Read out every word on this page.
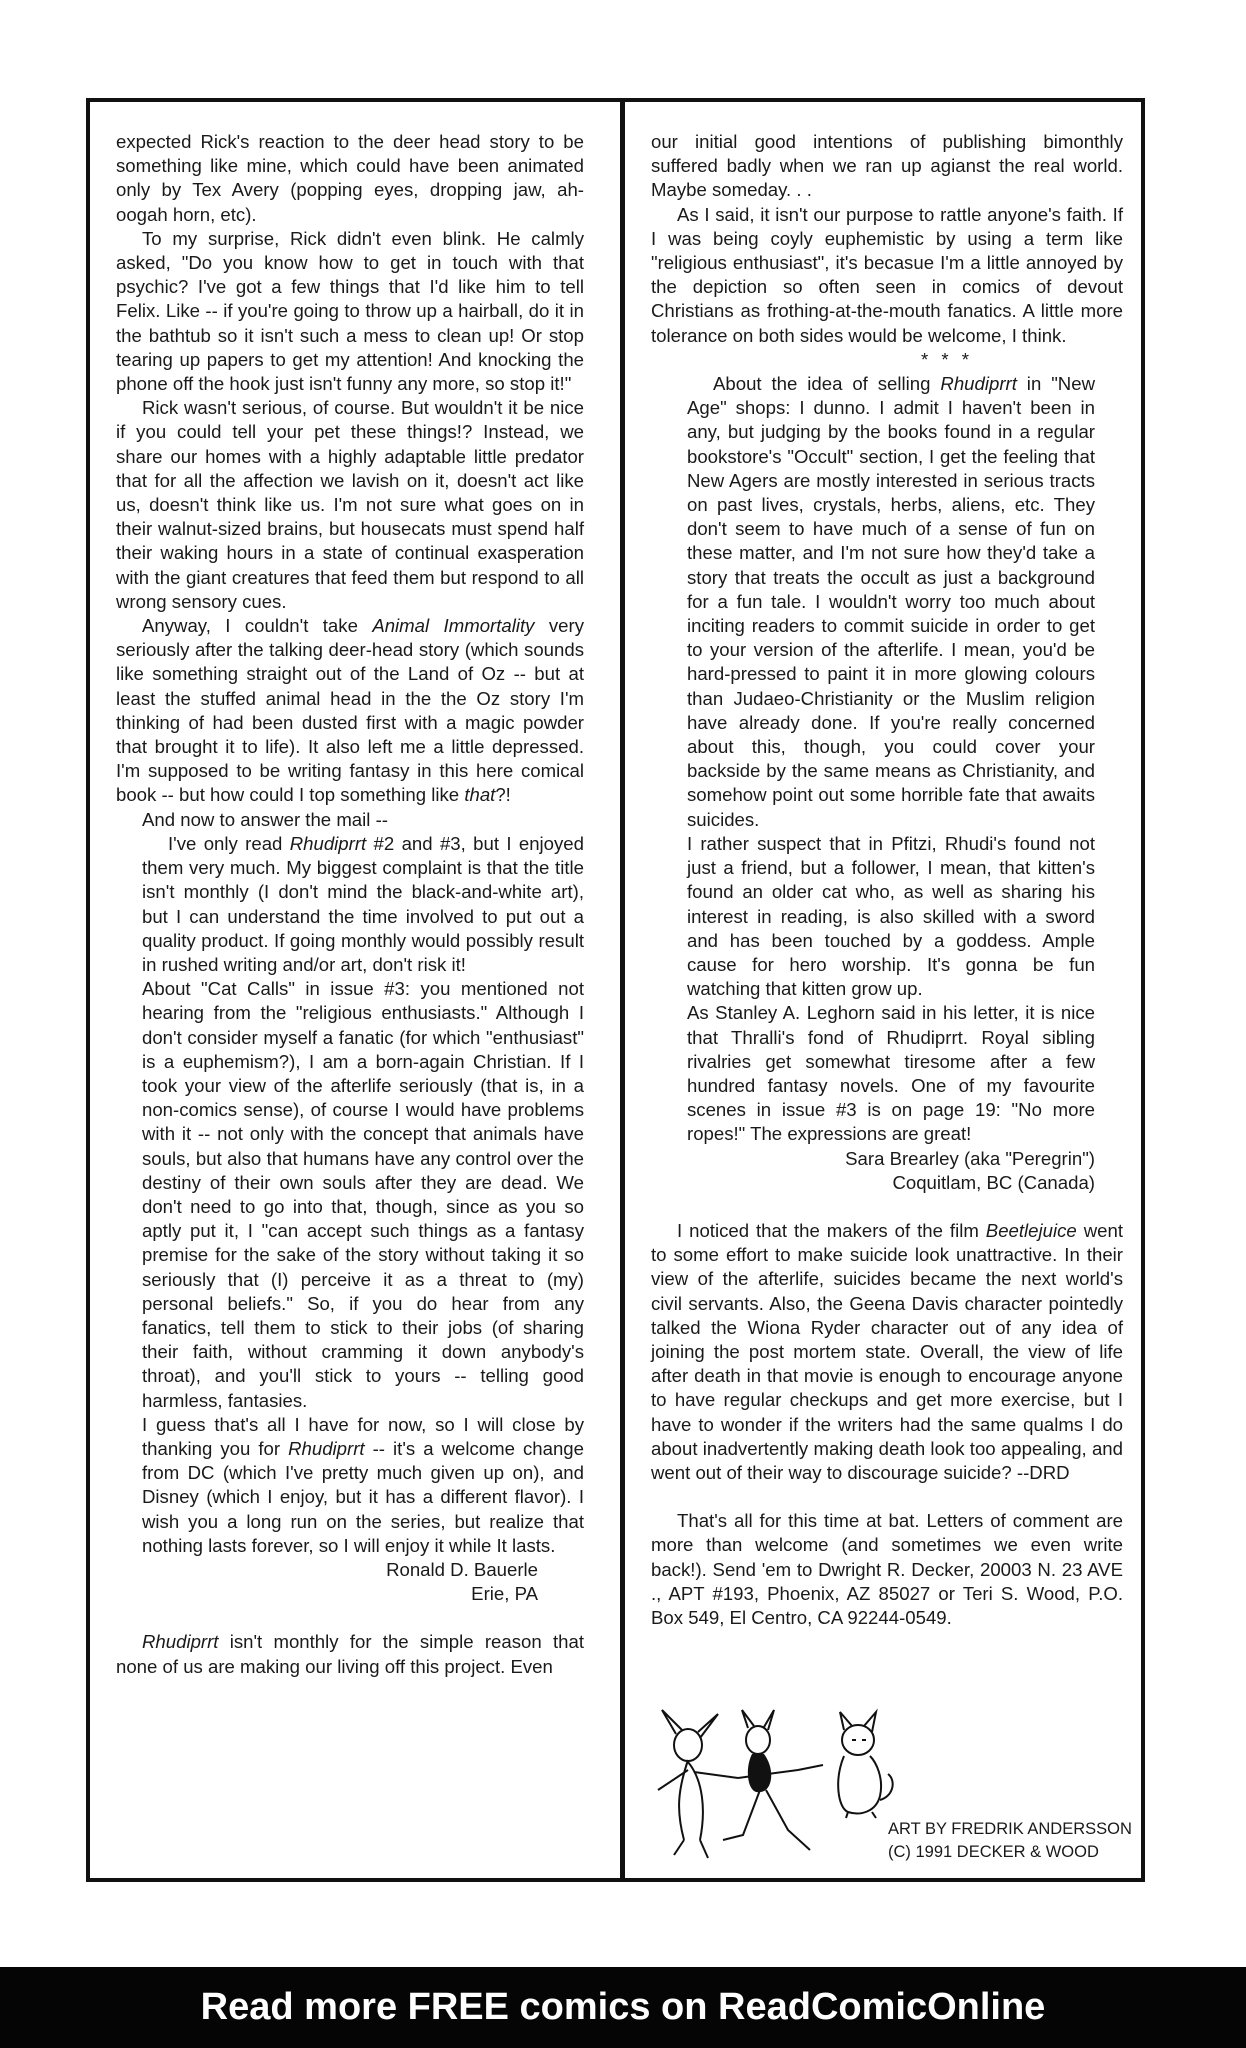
expected Rick's reaction to the deer head story to be something like mine, which could have been animated only by Tex Avery (popping eyes, dropping jaw, ah-oogah horn, etc).

To my surprise, Rick didn't even blink. He calmly asked, "Do you know how to get in touch with that psychic? I've got a few things that I'd like him to tell Felix. Like -- if you're going to throw up a hairball, do it in the bathtub so it isn't such a mess to clean up! Or stop tearing up papers to get my attention! And knocking the phone off the hook just isn't funny any more, so stop it!"

Rick wasn't serious, of course. But wouldn't it be nice if you could tell your pet these things!? Instead, we share our homes with a highly adaptable little predator that for all the affection we lavish on it, doesn't act like us, doesn't think like us. I'm not sure what goes on in their walnut-sized brains, but housecats must spend half their waking hours in a state of continual exasperation with the giant creatures that feed them but respond to all wrong sensory cues.

Anyway, I couldn't take Animal Immortality very seriously after the talking deer-head story (which sounds like something straight out of the Land of Oz -- but at least the stuffed animal head in the the Oz story I'm thinking of had been dusted first with a magic powder that brought it to life). It also left me a little depressed. I'm supposed to be writing fantasy in this here comical book -- but how could I top something like that?!

And now to answer the mail --

I've only read Rhudiprrt #2 and #3, but I enjoyed them very much. My biggest complaint is that the title isn't monthly (I don't mind the black-and-white art), but I can understand the time involved to put out a quality product. If going monthly would possibly result in rushed writing and/or art, don't risk it!

About "Cat Calls" in issue #3: you mentioned not hearing from the "religious enthusiasts." Although I don't consider myself a fanatic (for which "enthusiast" is a euphemism?), I am a born-again Christian. If I took your view of the afterlife seriously (that is, in a non-comics sense), of course I would have problems with it -- not only with the concept that animals have souls, but also that humans have any control over the destiny of their own souls after they are dead. We don't need to go into that, though, since as you so aptly put it, I "can accept such things as a fantasy premise for the sake of the story without taking it so seriously that (I) perceive it as a threat to (my) personal beliefs." So, if you do hear from any fanatics, tell them to stick to their jobs (of sharing their faith, without cramming it down anybody's throat), and you'll stick to yours -- telling good harmless, fantasies.

I guess that's all I have for now, so I will close by thanking you for Rhudiprrt -- it's a welcome change from DC (which I've pretty much given up on), and Disney (which I enjoy, but it has a different flavor). I wish you a long run on the series, but realize that nothing lasts forever, so I will enjoy it while It lasts.

Ronald D. Bauerle

Erie, PA

Rhudiprrt isn't monthly for the simple reason that none of us are making our living off this project. Even

our initial good intentions of publishing bimonthly suffered badly when we ran up agianst the real world. Maybe someday. . .

As I said, it isn't our purpose to rattle anyone's faith. If I was being coyly euphemistic by using a term like "religious enthusiast", it's becasue I'm a little annoyed by the depiction so often seen in comics of devout Christians as frothing-at-the-mouth fanatics. A little more tolerance on both sides would be welcome, I think.

* * *

About the idea of selling Rhudiprrt in "New Age" shops: I dunno. I admit I haven't been in any, but judging by the books found in a regular bookstore's "Occult" section, I get the feeling that New Agers are mostly interested in serious tracts on past lives, crystals, herbs, aliens, etc. They don't seem to have much of a sense of fun on these matter, and I'm not sure how they'd take a story that treats the occult as just a background for a fun tale. I wouldn't worry too much about inciting readers to commit suicide in order to get to your version of the afterlife. I mean, you'd be hard-pressed to paint it in more glowing colours than Judaeo-Christianity or the Muslim religion have already done. If you're really concerned about this, though, you could cover your backside by the same means as Christianity, and somehow point out some horrible fate that awaits suicides.

I rather suspect that in Pfitzi, Rhudi's found not just a friend, but a follower, I mean, that kitten's found an older cat who, as well as sharing his interest in reading, is also skilled with a sword and has been touched by a goddess. Ample cause for hero worship. It's gonna be fun watching that kitten grow up.

As Stanley A. Leghorn said in his letter, it is nice that Thralli's fond of Rhudiprrt. Royal sibling rivalries get somewhat tiresome after a few hundred fantasy novels. One of my favourite scenes in issue #3 is on page 19: "No more ropes!" The expressions are great!

Sara Brearley (aka "Peregrin")

Coquitlam, BC (Canada)

I noticed that the makers of the film Beetlejuice went to some effort to make suicide look unattractive. In their view of the afterlife, suicides became the next world's civil servants. Also, the Geena Davis character pointedly talked the Wiona Ryder character out of any idea of joining the post mortem state. Overall, the view of life after death in that movie is enough to encourage anyone to have regular checkups and get more exercise, but I have to wonder if the writers had the same qualms I do about inadvertently making death look too appealing, and went out of their way to discourage suicide? --DRD

That's all for this time at bat. Letters of comment are more than welcome (and sometimes we even write back!). Send 'em to Dwright R. Decker, 20003 N. 23 AVE ., APT #193, Phoenix, AZ 85027 or Teri S. Wood, P.O. Box 549, El Centro, CA 92244-0549.

ART BY FREDRIK ANDERSSON
(C) 1991 DECKER & WOOD
Read more FREE comics on ReadComicOnline
